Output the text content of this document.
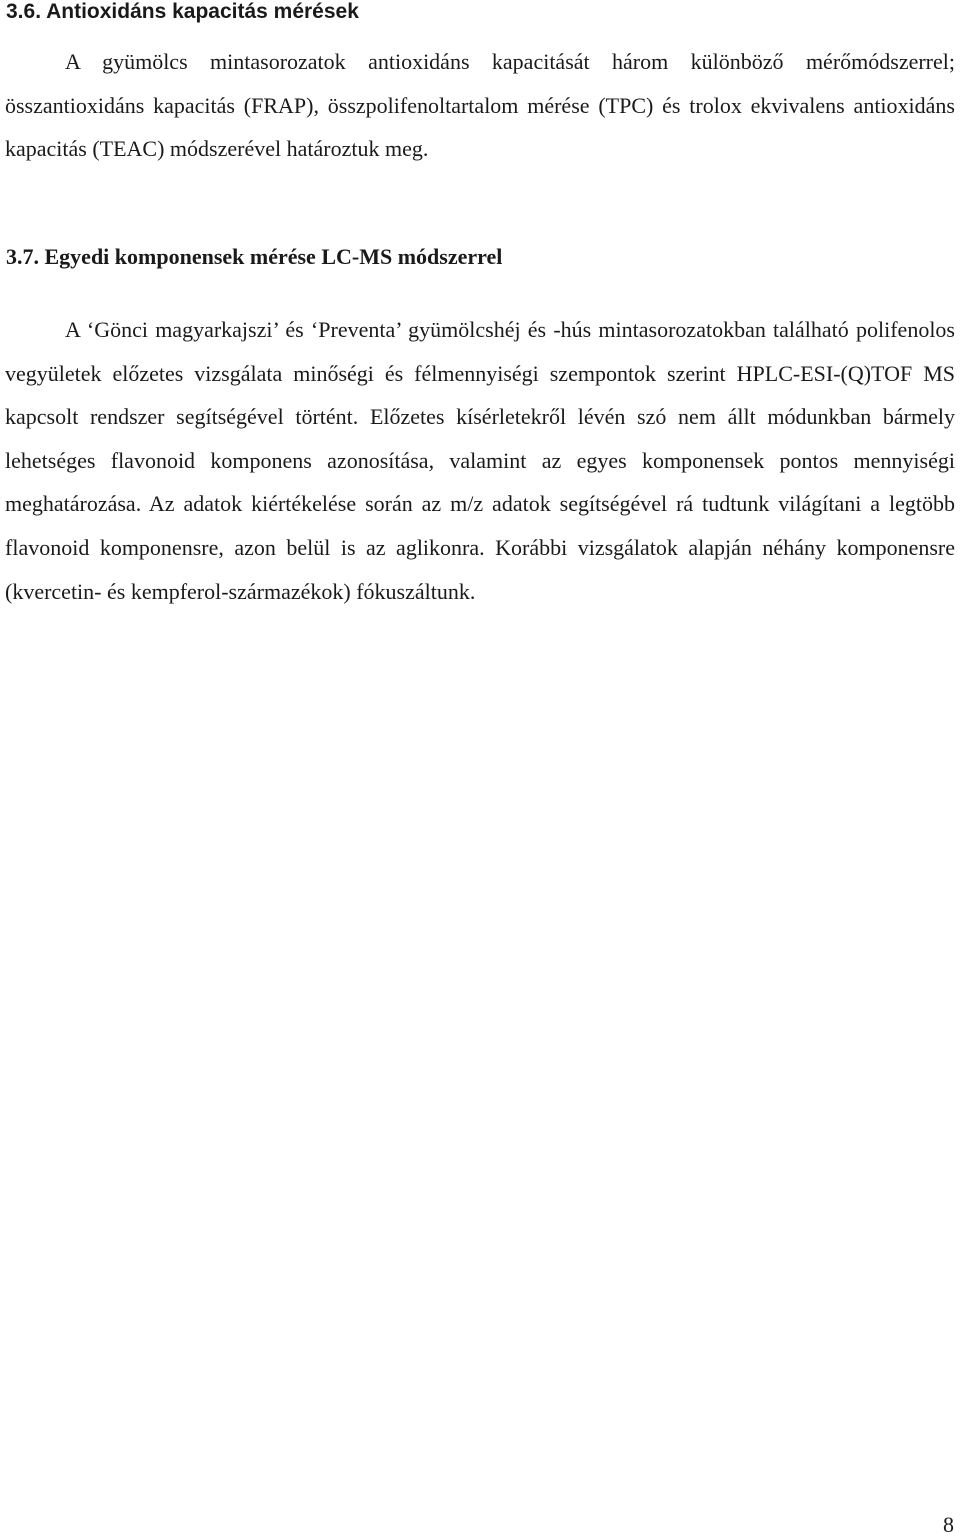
3.6. Antioxidáns kapacitás mérések

A gyümölcs mintasorozatok antioxidáns kapacitását három különböző mérőmódszerrel; összantioxidáns kapacitás (FRAP), összpolifenoltartalom mérése (TPC) és trolox ekvivalens antioxidáns kapacitás (TEAC) módszerével határoztuk meg.

3.7. Egyedi komponensek mérése LC-MS módszerrel

A ‘Gönci magyarkajszi’ és ‘Preventa’ gyümölcshéj és -hús mintasorozatokban található polifenolos vegyületek előzetes vizsgálata minőségi és félmennyiségi szempontok szerint HPLC-ESI-(Q)TOF MS kapcsolt rendszer segítségével történt. Előzetes kísérletekről lévén szó nem állt módunkban bármely lehetséges flavonoid komponens azonosítása, valamint az egyes komponensek pontos mennyiségi meghatározása. Az adatok kiértékelése során az m/z adatok segítségével rá tudtunk világítani a legtöbb flavonoid komponensre, azon belül is az aglikonra. Korábbi vizsgálatok alapján néhány komponensre (kvercetin- és kempferol-származékok) fókuszáltunk.

8
